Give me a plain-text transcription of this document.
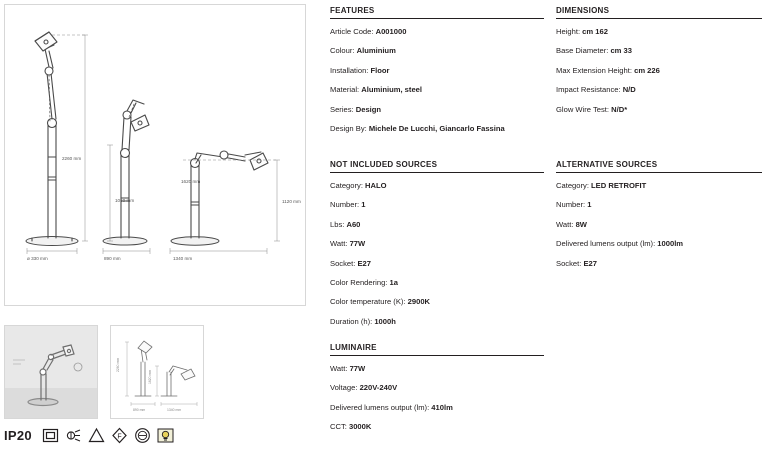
ø 330 mm
2260 mm
890 mm
1050 mm
1340 mm
1620 mm
1120 mm
2260 mm
1620 mm
890 mm	1340 mm
IP20	F
FEATURES
Article Code: A001000
Colour: Aluminium
Installation: Floor
Material: Aluminium, steel
Series: Design
Design By: Michele De Lucchi, Giancarlo Fassina
DIMENSIONS
Height: cm 162
Base Diameter: cm 33
Max Extension Height: cm 226
Impact Resistance: N/D
Glow Wire Test: N/D*
NOT INCLUDED SOURCES
Category: HALO
Number: 1
Lbs: A60
Watt: 77W
Socket: E27
Color Rendering: 1a
Color temperature (K): 2900K
Duration (h): 1000h
ALTERNATIVE SOURCES
Category: LED RETROFIT
Number: 1
Watt: 8W
Delivered lumens output (lm): 1000lm
Socket: E27
LUMINAIRE
Watt: 77W
Voltage: 220V-240V
Delivered lumens output (lm): 410lm
CCT: 3000K
